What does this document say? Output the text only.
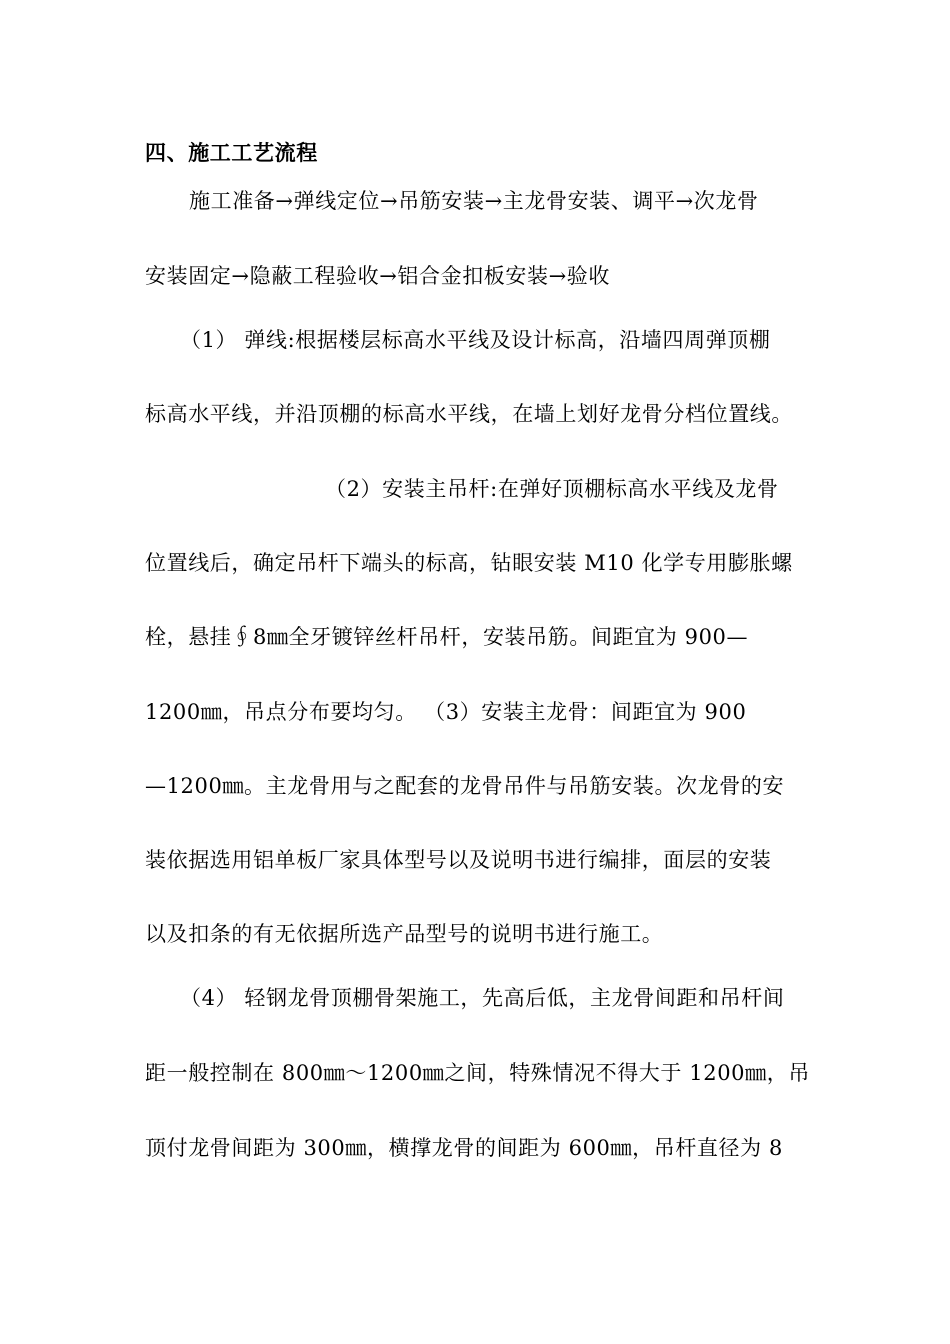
四、施工工艺流程
施工准备→弹线定位→吊筋安装→主龙骨安装、调平→次龙骨
安装固定→隐蔽工程验收→铝合金扣板安装→验收
（1） 弹线:根据楼层标高水平线及设计标高，沿墙四周弹顶棚
标高水平线，并沿顶棚的标高水平线，在墙上划好龙骨分档位置线。
（2）安装主吊杆:在弹好顶棚标高水平线及龙骨
位置线后，确定吊杆下端头的标高，钻眼安装 M10 化学专用膨胀螺
栓，悬挂∮8㎜全牙镀锌丝杆吊杆，安装吊筋。间距宜为 900—
1200㎜，吊点分布要均匀。 （3）安装主龙骨：间距宜为 900
—1200㎜。主龙骨用与之配套的龙骨吊件与吊筋安装。次龙骨的安
装依据选用铝单板厂家具体型号以及说明书进行编排，面层的安装
以及扣条的有无依据所选产品型号的说明书进行施工。
（4） 轻钢龙骨顶棚骨架施工，先高后低，主龙骨间距和吊杆间
距一般控制在 800㎜～1200㎜之间，特殊情况不得大于 1200㎜，吊
顶付龙骨间距为 300㎜，横撑龙骨的间距为 600㎜，吊杆直径为 8
